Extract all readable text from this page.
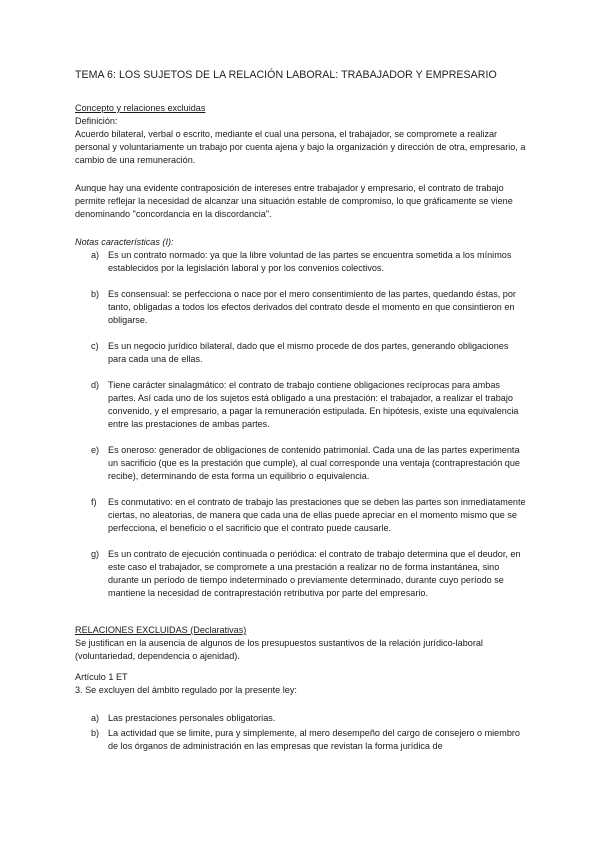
TEMA 6: LOS SUJETOS DE LA RELACIÓN LABORAL: TRABAJADOR Y EMPRESARIO

Concepto y relaciones excluidas

Definición:

Acuerdo bilateral, verbal o escrito, mediante el cual una persona, el trabajador, se compromete a realizar personal y voluntariamente un trabajo por cuenta ajena y bajo la organización y dirección de otra, empresario, a cambio de una remuneración.

Aunque hay una evidente contraposición de intereses entre trabajador y empresario, el contrato de trabajo permite reflejar la necesidad de alcanzar una situación estable de compromiso, lo que gráficamente se viene denominando "concordancia en la discordancia".

Notas características (I):

a) Es un contrato normado: ya que la libre voluntad de las partes se encuentra sometida a los mínimos establecidos por la legislación laboral y por los convenios colectivos.
b) Es consensual: se perfecciona o nace por el mero consentimiento de las partes, quedando éstas, por tanto, obligadas a todos los efectos derivados del contrato desde el momento en que consintieron en obligarse.
c)	Es un negocio jurídico bilateral, dado que el mismo procede de dos partes, generando obligaciones para cada una de ellas.
d) Tiene carácter sinalagmático: el contrato de trabajo contiene obligaciones recíprocas para ambas partes. Así cada uno de los sujetos está obligado a una prestación: el trabajador, a realizar el trabajo convenido, y el empresario, a pagar la remuneración estipulada. En hipótesis, existe una equivalencia entre las prestaciones de ambas partes.
e) Es oneroso: generador de obligaciones de contenido patrimonial. Cada una de las partes experimenta un sacrificio (que es la prestación que cumple), al cual corresponde una ventaja (contraprestación que recibe), determinando de esta forma un equilibrio o equivalencia.
f)	Es conmutativo: en el contrato de trabajo las prestaciones que se deben las partes son inmediatamente ciertas, no aleatorias, de manera que cada una de ellas puede apreciar en el momento mismo que se perfecciona, el beneficio o el sacrificio que el contrato puede causarle.
g) Es un contrato de ejecución continuada o periódica: el contrato de trabajo determina que el deudor, en este caso el trabajador, se compromete a una prestación a realizar no de forma instantánea, sino durante un período de tiempo indeterminado o previamente determinado, durante cuyo período se mantiene la necesidad de contraprestación retributiva por parte del empresario.

RELACIONES EXCLUIDAS (Declarativas)

Se justifican en la ausencia de algunos de los presupuestos sustantivos de la relación jurídico-laboral (voluntariedad, dependencia o ajenidad).

Artículo 1 ET

3. Se excluyen del ámbito regulado por la presente ley:

a) Las prestaciones personales obligatorias.
b) La actividad que se limite, pura y simplemente, al mero desempeño del cargo de consejero o miembro de los órganos de administración en las empresas que revistan la forma jurídica de
